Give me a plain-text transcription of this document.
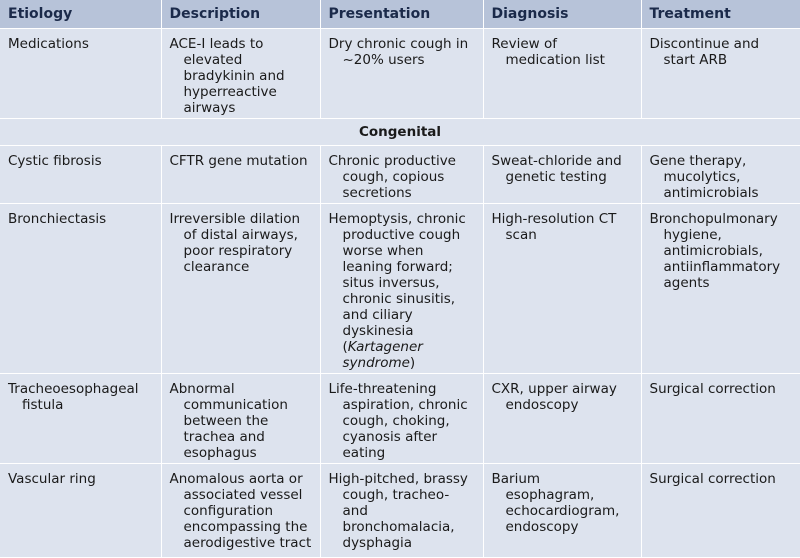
Etiology	Description	Presentation	Diagnosis	Treatment

Medications	ACE-I leads to elevated bradykinin and hyperreactive airways	Dry chronic cough in ~20% users	Review of medication list	Discontinue and start ARB

Congenital				

Cystic fibrosis	CFTR gene mutation	Chronic productive cough, copious secretions	Sweat-chloride and genetic testing	Gene therapy, mucolytics, antimicrobials

Bronchiectasis	Irreversible dilation of distal airways, poor respiratory clearance	Hemoptysis, chronic productive cough worse when leaning forward; situs inversus, chronic sinusitis, and ciliary dyskinesia (Kartagener syndrome)	High-resolution CT scan	Bronchopulmonary hygiene, antimicrobials, antiinflammatory agents

Tracheoesophageal fistula	Abnormal communication between the trachea and esophagus	Life-threatening aspiration, chronic cough, choking, cyanosis after eating	CXR, upper airway endoscopy	Surgical correction

Vascular ring	Anomalous aorta or associated vessel configuration encompassing the aerodigestive tract	High-pitched, brassy cough, tracheo- and bronchomalacia, dysphagia	Barium esophagram, echocardiogram, endoscopy	Surgical correction
